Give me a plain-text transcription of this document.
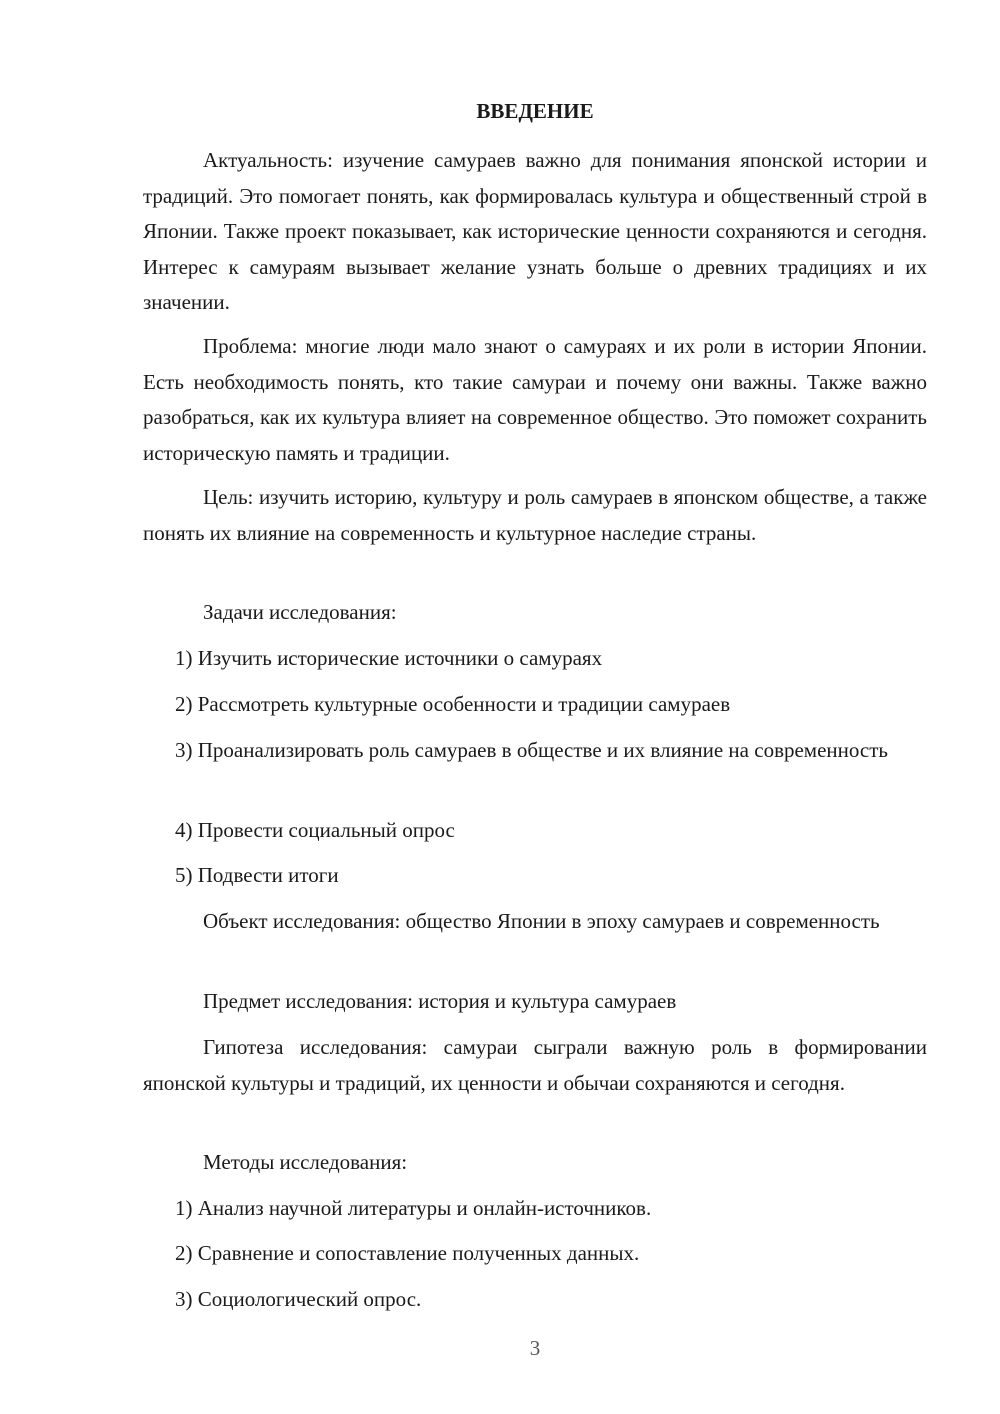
ВВЕДЕНИЕ

Актуальность: изучение самураев важно для понимания японской истории и традиций. Это помогает понять, как формировалась культура и общественный строй в Японии. Также проект показывает, как исторические ценности сохраняются и сегодня. Интерес к самураям вызывает желание узнать больше о древних традициях и их значении.

Проблема: многие люди мало знают о самураях и их роли в истории Японии. Есть необходимость понять, кто такие самураи и почему они важны. Также важно разобраться, как их культура влияет на современное общество. Это поможет сохранить историческую память и традиции.

Цель: изучить историю, культуру и роль самураев в японском обществе, а также понять их влияние на современность и культурное наследие страны.

Задачи исследования:

1) Изучить исторические источники о самураях

2) Рассмотреть культурные особенности и традиции самураев

3) Проанализировать роль самураев в обществе и их влияние на современность

4) Провести социальный опрос

5) Подвести итоги

Объект исследования: общество Японии в эпоху самураев и современность

Предмет исследования: история и культура самураев

Гипотеза исследования: самураи сыграли важную роль в формировании японской культуры и традиций, их ценности и обычаи сохраняются и сегодня.

Методы исследования:

1) Анализ научной литературы и онлайн-источников.

2) Сравнение и сопоставление полученных данных.

3) Социологический опрос.

3
